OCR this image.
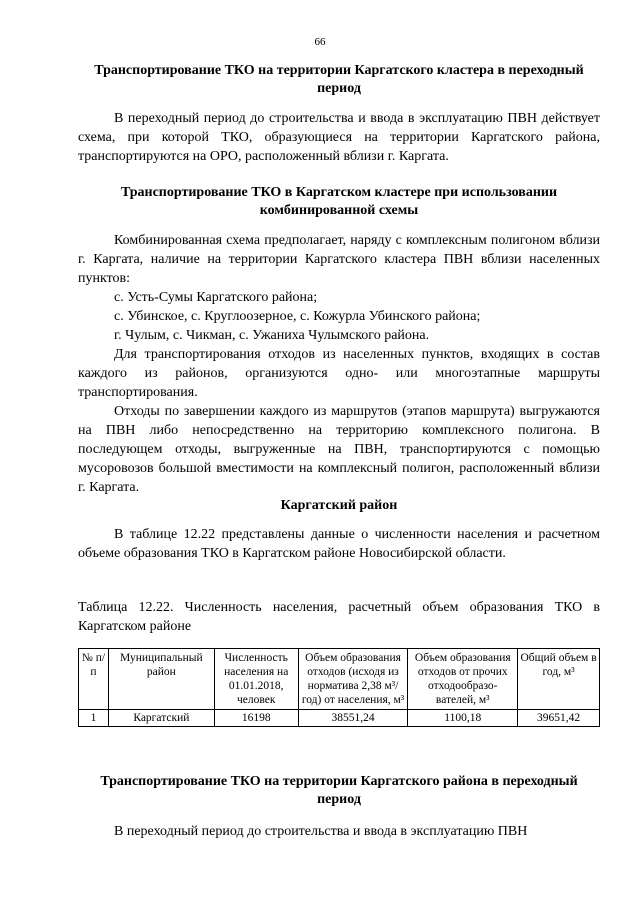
66
Транспортирование ТКО на территории Каргатского кластера в переходный период
В переходный период до строительства и ввода в эксплуатацию ПВН действует схема, при которой ТКО, образующиеся на территории Каргатского района, транспортируются на ОРО, расположенный вблизи г. Каргата.
Транспортирование ТКО в Каргатском кластере при использовании комбинированной схемы
Комбинированная схема предполагает, наряду с комплексным полигоном вблизи г. Каргата, наличие на территории Каргатского кластера ПВН вблизи населенных пунктов:
с. Усть-Сумы Каргатского района;
с. Убинское, с. Круглоозерное, с. Кожурла Убинского района;
г. Чулым, с. Чикман, с. Ужаниха Чулымского района.
Для транспортирования отходов из населенных пунктов, входящих в состав каждого из районов, организуются одно- или многоэтапные маршруты транспортирования.
Отходы по завершении каждого из маршрутов (этапов маршрута) выгружаются на ПВН либо непосредственно на территорию комплексного полигона. В последующем отходы, выгруженные на ПВН, транспортируются с помощью мусоровозов большой вместимости на комплексный полигон, расположенный вблизи г. Каргата.
Каргатский район
В таблице 12.22 представлены данные о численности населения и расчетном объеме образования ТКО в Каргатском районе Новосибирской области.
Таблица 12.22. Численность населения, расчетный объем образования ТКО в Каргатском районе
№ п/п	Муниципальный район	Численность населения на 01.01.2018, человек	Объем образования отходов (исходя из норматива 2,38 м³/год) от населения, м³	Объем образования отходов от прочих отходообразо-вателей, м³	Общий объем в год, м³
1	Каргатский	16198	38551,24	1100,18	39651,42
Транспортирование ТКО на территории Каргатского района в переходный период
В переходный период до строительства и ввода в эксплуатацию ПВН
